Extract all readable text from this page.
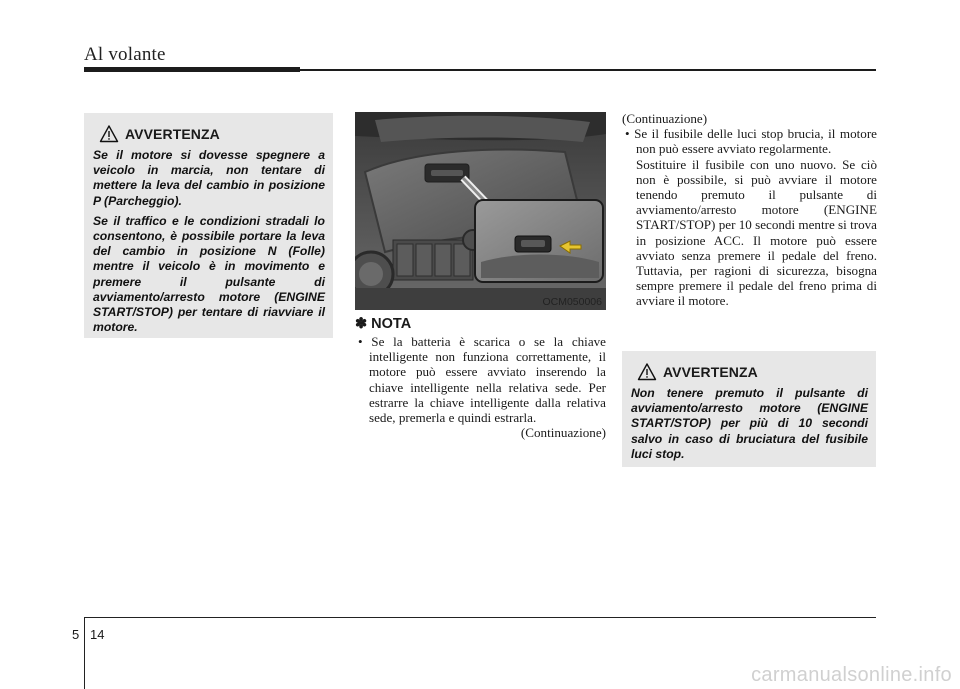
Al volante
AVVERTENZA

Se il motore si dovesse spegnere a veicolo in marcia, non tentare di mettere la leva del cambio in posizione P (Parcheggio).

Se il traffico e le condizioni stradali lo consentono, è possibile portare la leva del cambio in posizione N (Folle) mentre il veicolo è in movimento e premere il pulsante di avviamento/arresto motore (ENGINE START/STOP) per tentare di riavviare il motore.

OCM050006
✽ NOTA

• Se la batteria è scarica o se la chiave intelligente non funziona correttamente, il motore può essere avviato inserendo la chiave intelligente nella relativa sede. Per estrarre la chiave intelligente dalla relativa sede, premerla e quindi estrarla.

(Continuazione)

(Continuazione)

• Se il fusibile delle luci stop brucia, il motore non può essere avviato regolarmente.

Sostituire il fusibile con uno nuovo. Se ciò non è possibile, si può avviare il motore tenendo premuto il pulsante di avviamento/arresto motore (ENGINE START/STOP) per 10 secondi mentre si trova in posizione ACC. Il motore può essere avviato senza premere il pedale del freno. Tuttavia, per ragioni di sicurezza, bisogna sempre premere il pedale del freno prima di avviare il motore.

AVVERTENZA

Non tenere premuto il pulsante di avviamento/arresto motore (ENGINE START/STOP) per più di 10 secondi salvo in caso di bruciatura del fusibile luci stop.

5 14
carmanualsonline.info
